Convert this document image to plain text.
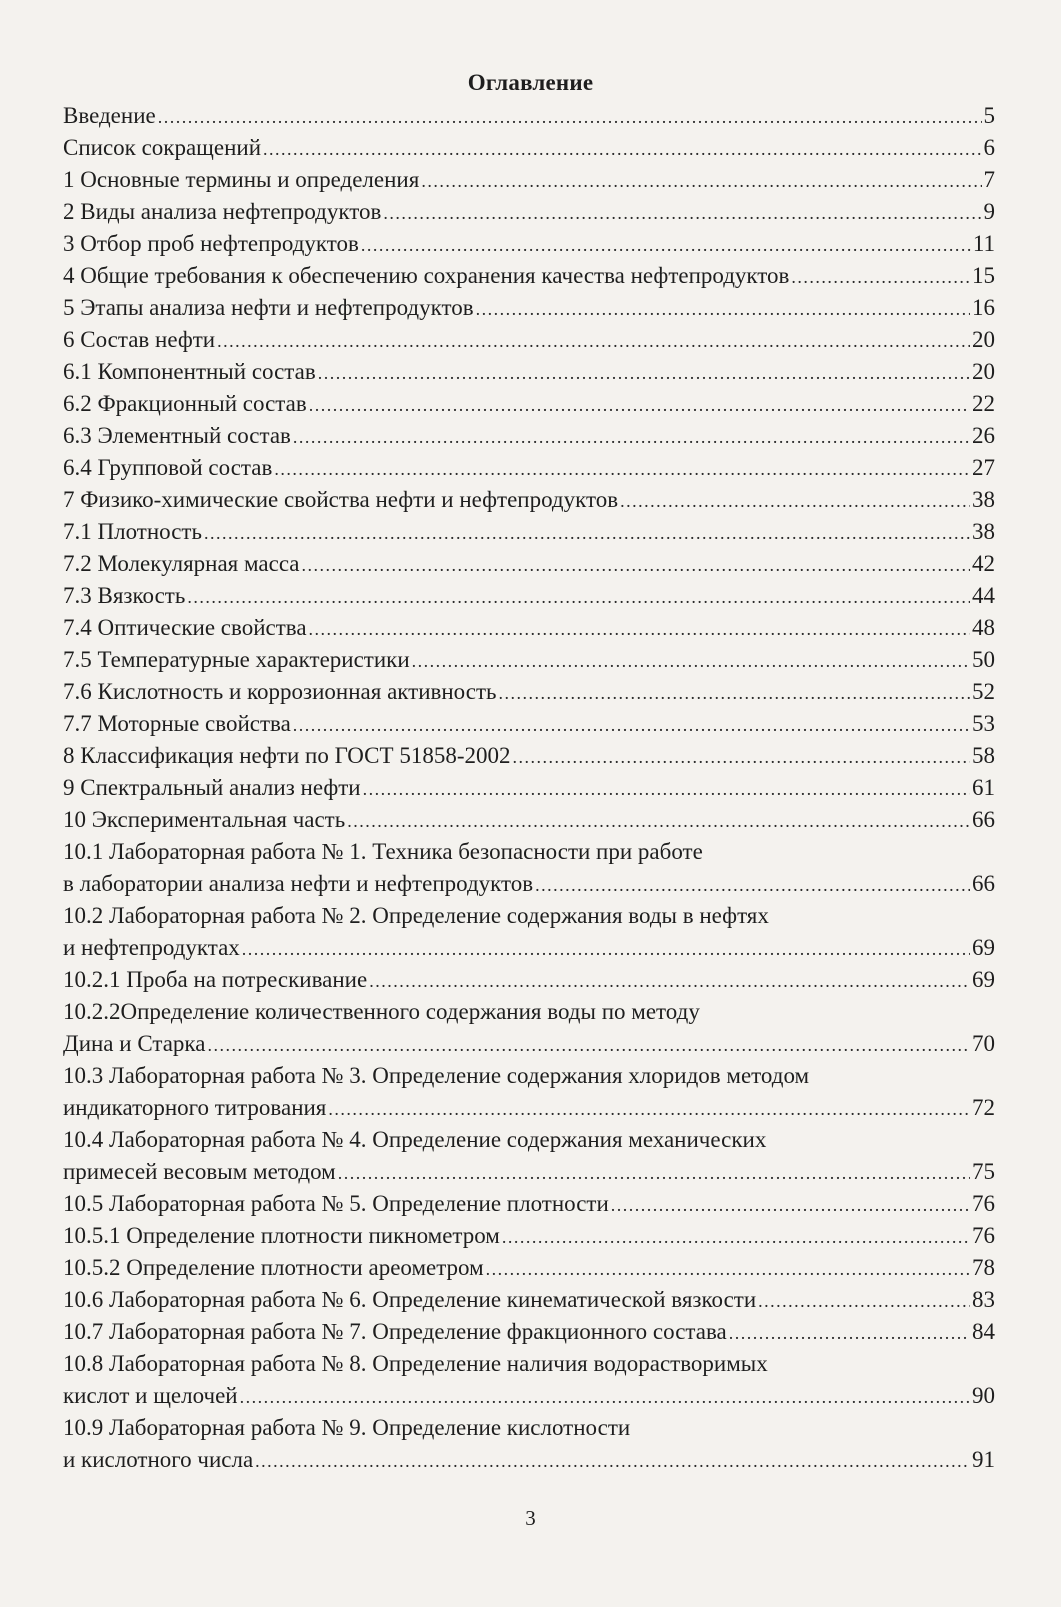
Оглавление
Введение .....	5
Список сокращений .....	6
1 Основные термины и определения .....	7
2 Виды анализа нефтепродуктов .....	9
3 Отбор проб нефтепродуктов .....	11
4 Общие требования к обеспечению сохранения качества нефтепродуктов .....	15
5 Этапы анализа нефти и нефтепродуктов .....	16
6 Состав нефти .....	20
6.1 Компонентный состав .....	20
6.2 Фракционный состав .....	22
6.3 Элементный состав .....	26
6.4 Групповой состав .....	27
7 Физико-химические свойства нефти и нефтепродуктов .....	38
7.1 Плотность .....	38
7.2 Молекулярная масса .....	42
7.3 Вязкость .....	44
7.4 Оптические свойства .....	48
7.5 Температурные характеристики .....	50
7.6 Кислотность и коррозионная активность .....	52
7.7 Моторные свойства .....	53
8 Классификация нефти по ГОСТ 51858-2002 .....	58
9 Спектральный анализ нефти .....	61
10 Экспериментальная часть .....	66
10.1 Лабораторная работа № 1. Техника безопасности при работе
в лаборатории анализа нефти и нефтепродуктов .....	66
10.2 Лабораторная работа № 2. Определение содержания воды в нефтях
и нефтепродуктах .....	69
10.2.1 Проба на потрескивание .....	69
10.2.2Определение количественного содержания воды по методу
Дина и Старка .....	70
10.3 Лабораторная работа № 3. Определение содержания хлоридов методом
индикаторного титрования .....	72
10.4 Лабораторная работа № 4. Определение содержания механических
примесей весовым методом .....	75
10.5 Лабораторная работа № 5. Определение плотности .....	76
10.5.1 Определение плотности пикнометром .....	76
10.5.2 Определение плотности ареометром .....	78
10.6 Лабораторная работа № 6. Определение кинематической вязкости .....	83
10.7 Лабораторная работа № 7. Определение фракционного состава .....	84
10.8 Лабораторная работа № 8. Определение наличия водорастворимых
кислот и щелочей .....	90
10.9 Лабораторная работа № 9. Определение кислотности
и кислотного числа .....	91
3
